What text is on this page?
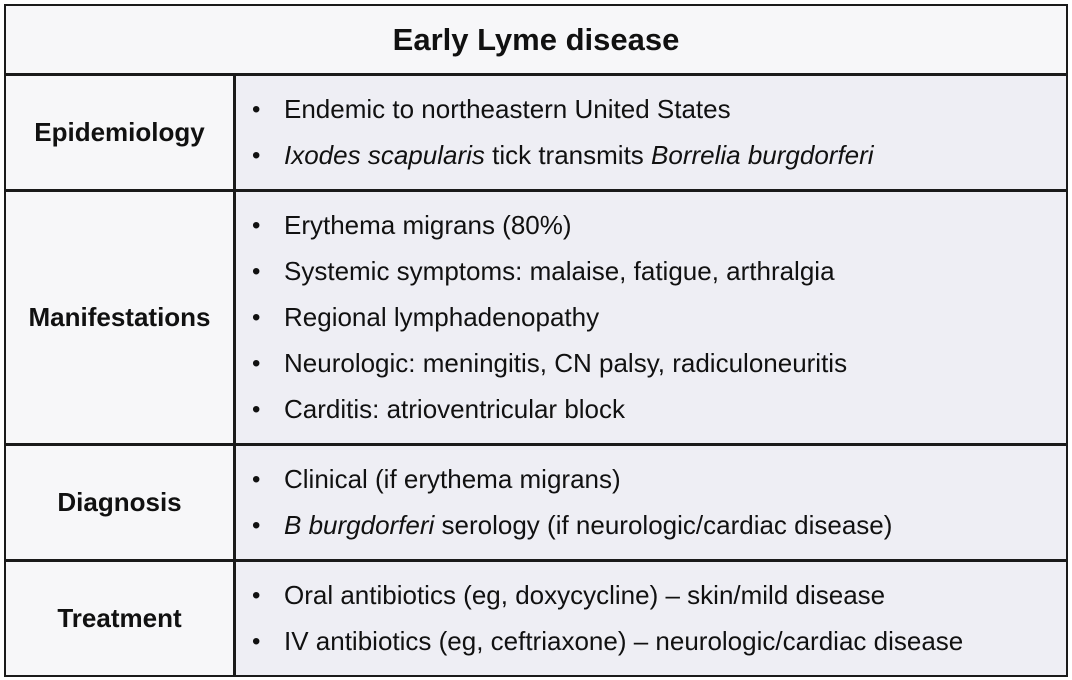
Early Lyme disease
Epidemiology
• Endemic to northeastern United States
• Ixodes scapularis tick transmits Borrelia burgdorferi
Manifestations
• Erythema migrans (80%)
• Systemic symptoms: malaise, fatigue, arthralgia
• Regional lymphadenopathy
• Neurologic: meningitis, CN palsy, radiculoneuritis
• Carditis: atrioventricular block
Diagnosis
• Clinical (if erythema migrans)
• B burgdorferi serology (if neurologic/cardiac disease)
Treatment
• Oral antibiotics (eg, doxycycline) – skin/mild disease
• IV antibiotics (eg, ceftriaxone) – neurologic/cardiac disease
